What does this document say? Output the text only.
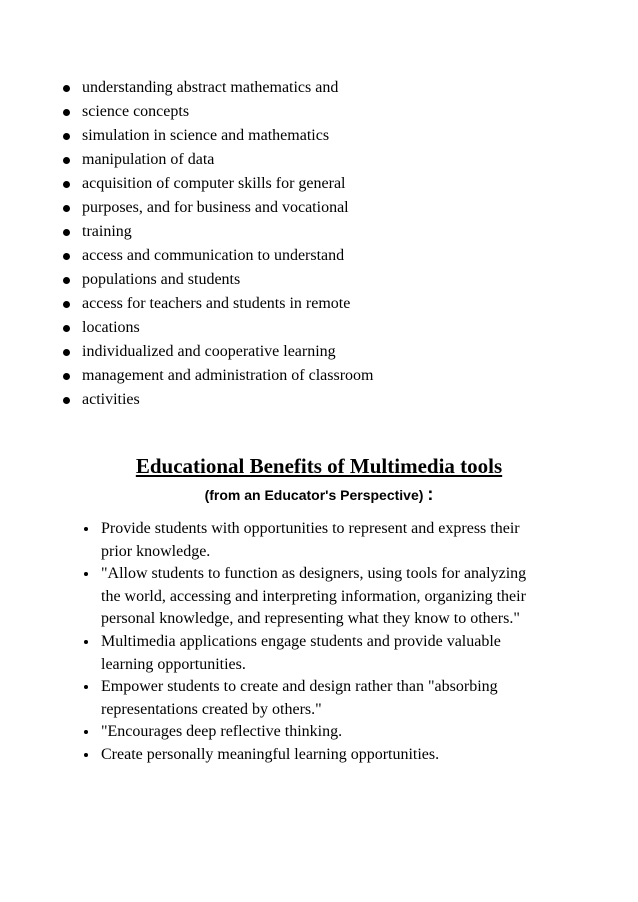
understanding abstract mathematics and
science concepts
simulation in science and mathematics
manipulation of data
acquisition of computer skills for general
purposes, and for business and vocational
training
access and communication to understand
populations and students
access for teachers and students in remote
locations
individualized and cooperative learning
management and administration of classroom
activities
Educational Benefits of Multimedia tools
(from an Educator's Perspective) :
Provide students with opportunities to represent and express their
prior knowledge.
"Allow students to function as designers, using tools for analyzing
the world, accessing and interpreting information, organizing their
personal knowledge, and representing what they know to others."
Multimedia applications engage students and provide valuable
learning opportunities.
Empower students to create and design rather than "absorbing
representations created by others."
"Encourages deep reflective thinking.
Create personally meaningful learning opportunities.
